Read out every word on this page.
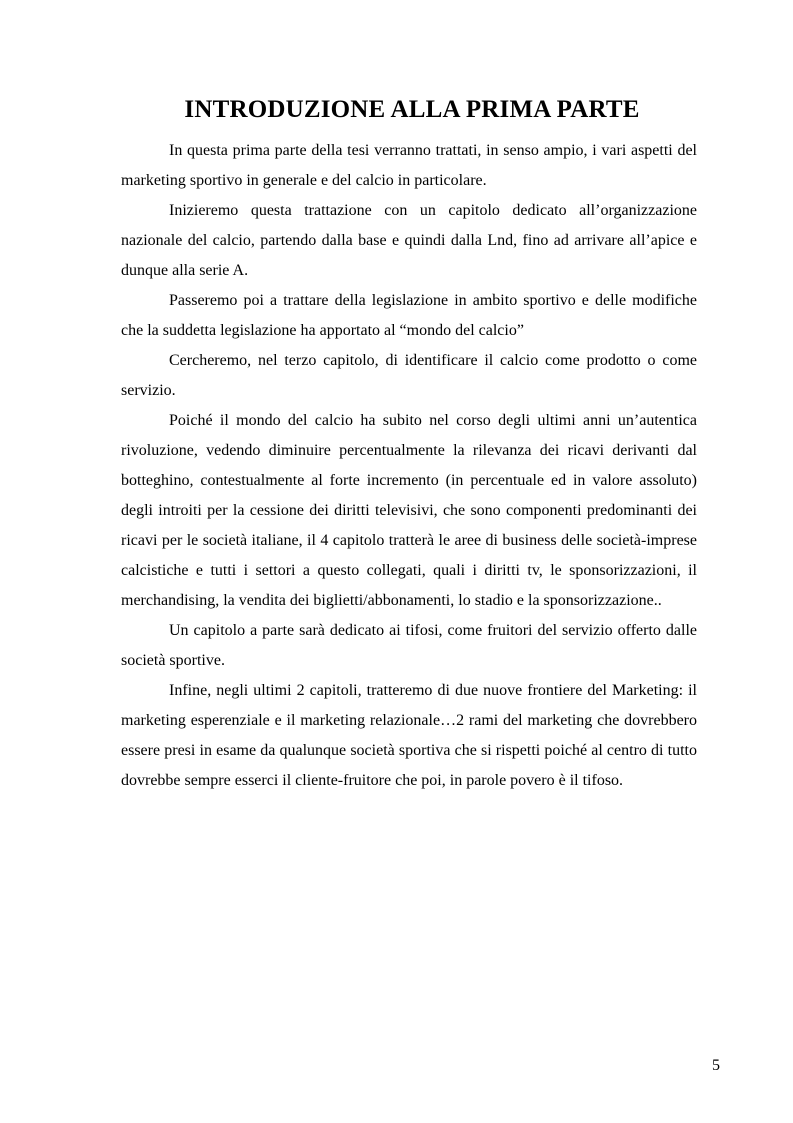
INTRODUZIONE ALLA PRIMA PARTE

In questa prima parte della tesi verranno trattati, in senso ampio, i vari aspetti del marketing sportivo in generale e del calcio in particolare.

Inizieremo questa trattazione con un capitolo dedicato all’organizzazione nazionale del calcio, partendo dalla base e quindi dalla Lnd, fino ad arrivare all’apice e dunque alla serie A.

Passeremo poi a trattare della legislazione in ambito sportivo e delle modifiche che la suddetta legislazione ha apportato al “mondo del calcio”

Cercheremo, nel terzo capitolo, di identificare il calcio come prodotto o come servizio.

Poiché il mondo del calcio ha subito nel corso degli ultimi anni un’autentica rivoluzione, vedendo diminuire percentualmente la rilevanza dei ricavi derivanti dal botteghino, contestualmente al forte incremento (in percentuale ed in valore assoluto) degli introiti per la cessione dei diritti televisivi, che sono componenti predominanti dei ricavi per le società italiane, il 4 capitolo tratterà le aree di business delle società-imprese calcistiche e tutti i settori a questo collegati, quali i diritti tv, le sponsorizzazioni, il merchandising, la vendita dei biglietti/abbonamenti, lo stadio e la sponsorizzazione..

Un capitolo a parte sarà dedicato ai tifosi, come fruitori del servizio offerto dalle società sportive.

Infine, negli ultimi 2 capitoli, tratteremo di due nuove frontiere del Marketing: il marketing esperenziale e il marketing relazionale…2 rami del marketing che dovrebbero essere presi in esame da qualunque società sportiva che si rispetti poiché al centro di tutto dovrebbe sempre esserci il cliente-fruitore che poi, in parole povero è il tifoso.

5
